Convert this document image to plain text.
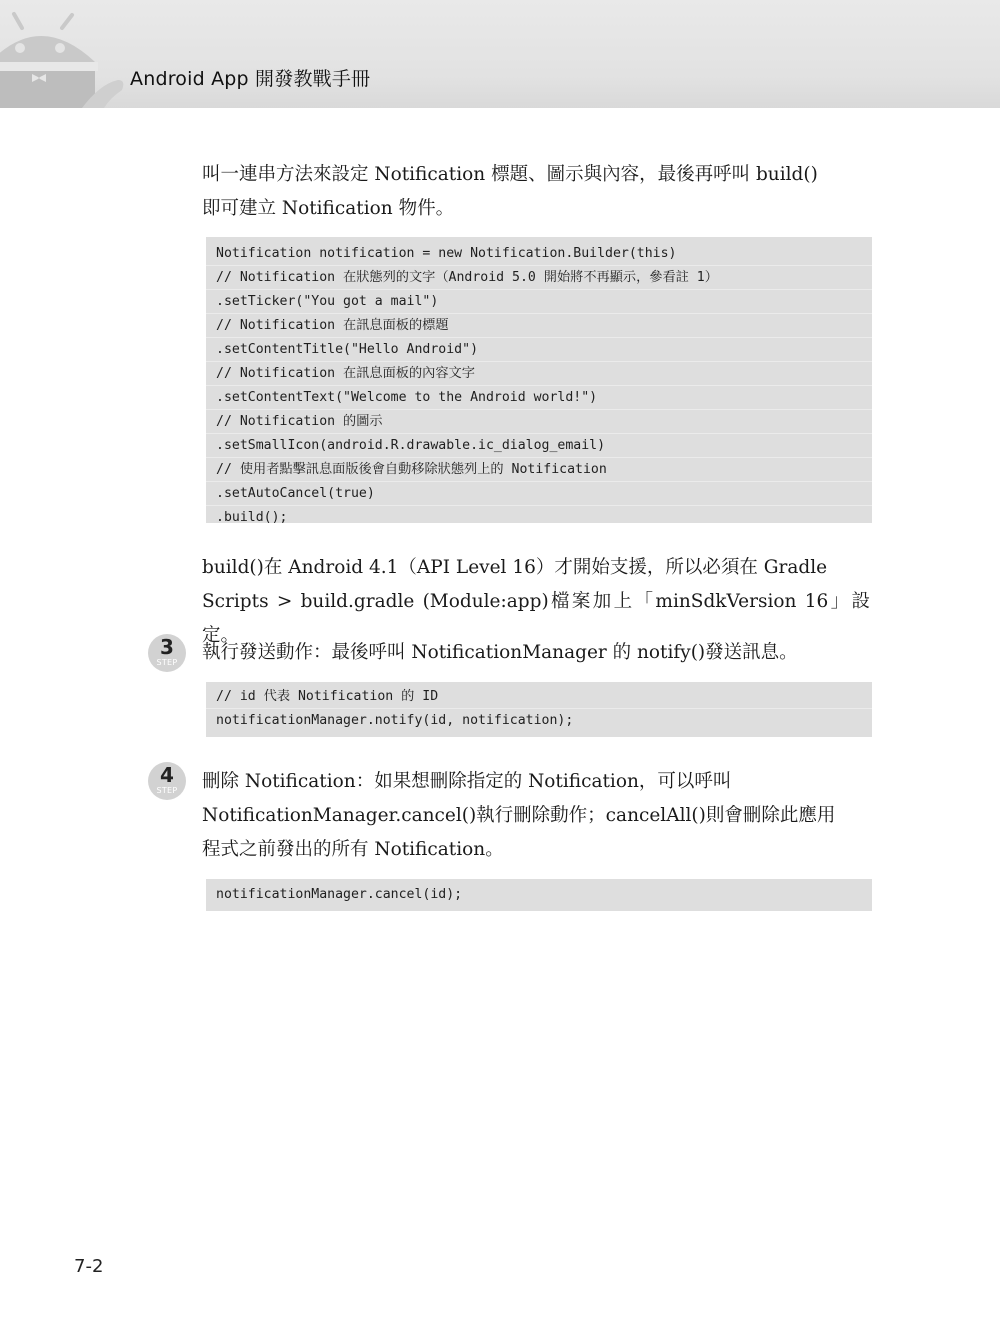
Android App 開發教戰手冊
叫一連串方法來設定 Notification 標題、圖示與內容，最後再呼叫 build()
即可建立 Notification 物件。
Notification notification = new Notification.Builder(this)
// Notification 在狀態列的文字（Android 5.0 開始將不再顯示，參看註 1）
.setTicker("You got a mail")
// Notification 在訊息面板的標題
.setContentTitle("Hello Android")
// Notification 在訊息面板的內容文字
.setContentText("Welcome to the Android world!")
// Notification 的圖示
.setSmallIcon(android.R.drawable.ic_dialog_email)
// 使用者點擊訊息面版後會自動移除狀態列上的 Notification
.setAutoCancel(true)
.build();
build()在 Android 4.1（API Level 16）才開始支援，所以必須在 Gradle
Scripts > build.gradle (Module:app)檔案加上「minSdkVersion 16」設定。
3
STEP	執行發送動作：最後呼叫 NotificationManager 的 notify()發送訊息。
// id 代表 Notification 的 ID
notificationManager.notify(id, notification);
4
STEP	刪除 Notification：如果想刪除指定的 Notification，可以呼叫
NotificationManager.cancel()執行刪除動作；cancelAll()則會刪除此應用
程式之前發出的所有 Notification。
notificationManager.cancel(id);
7-2
